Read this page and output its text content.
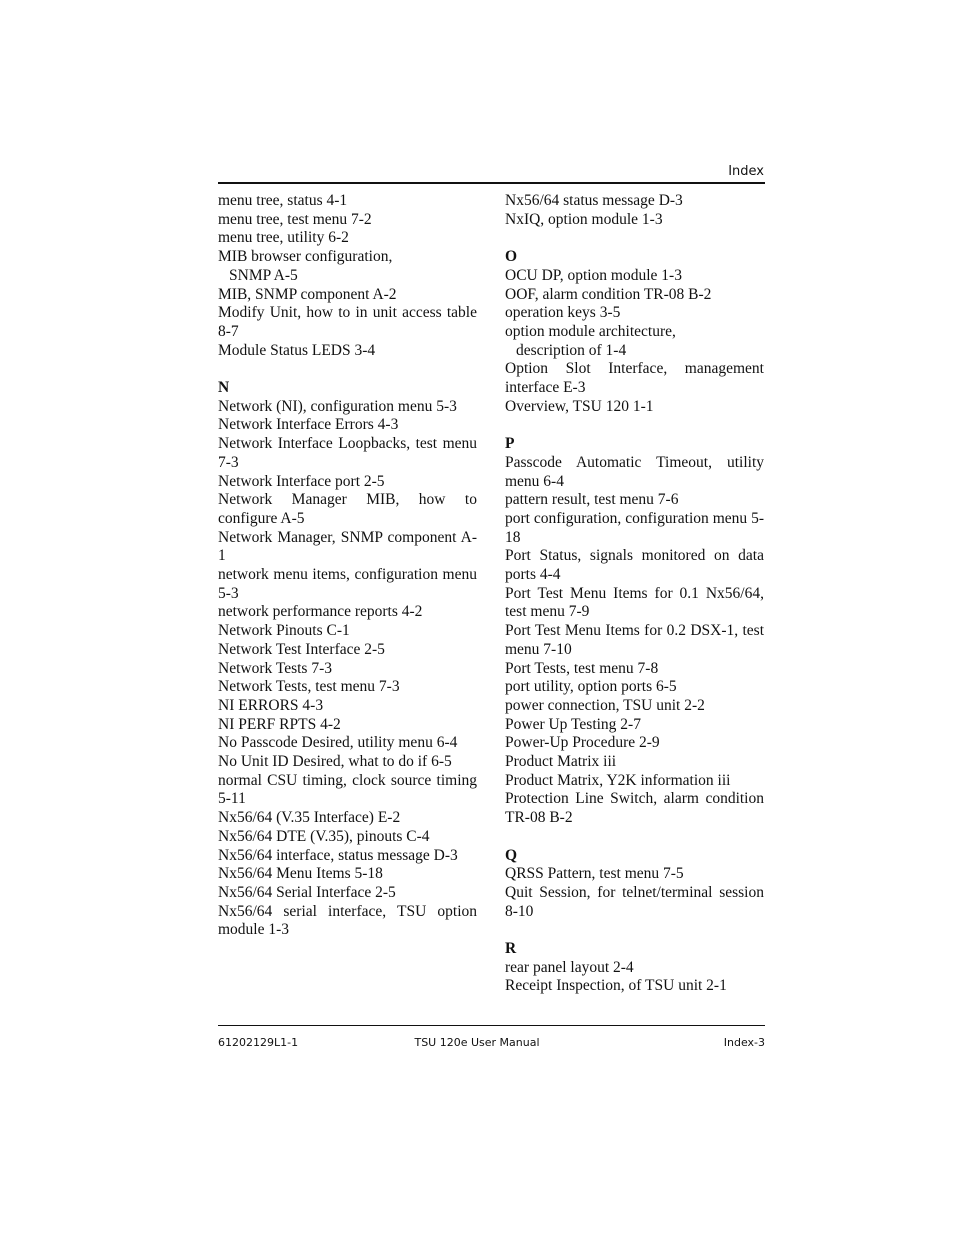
Index
menu tree, status 4-1
menu tree, test menu 7-2
menu tree, utility 6-2
MIB browser configuration,
SNMP A-5
MIB, SNMP component A-2
Modify Unit, how to in unit access table 8-7
Module Status LEDS 3-4
N
Network (NI), configuration menu 5-3
Network Interface Errors 4-3
Network Interface Loopbacks, test menu 7-3
Network Interface port 2-5
Network Manager MIB, how to configure A-5
Network Manager, SNMP component A-1
network menu items, configuration menu 5-3
network performance reports 4-2
Network Pinouts C-1
Network Test Interface 2-5
Network Tests 7-3
Network Tests, test menu 7-3
NI ERRORS 4-3
NI PERF RPTS 4-2
No Passcode Desired, utility menu 6-4
No Unit ID Desired, what to do if 6-5
normal CSU timing, clock source timing 5-11
Nx56/64 (V.35 Interface) E-2
Nx56/64 DTE (V.35), pinouts C-4
Nx56/64 interface, status message D-3
Nx56/64 Menu Items 5-18
Nx56/64 Serial Interface 2-5
Nx56/64 serial interface, TSU option module 1-3
Nx56/64 status message D-3
NxIQ, option module 1-3
O
OCU DP, option module 1-3
OOF, alarm condition TR-08 B-2
operation keys 3-5
option module architecture,
description of 1-4
Option Slot Interface, management interface E-3
Overview, TSU 120 1-1
P
Passcode Automatic Timeout, utility menu 6-4
pattern result, test menu 7-6
port configuration, configuration menu 5-18
Port Status, signals monitored on data ports 4-4
Port Test Menu Items for 0.1 Nx56/64, test menu 7-9
Port Test Menu Items for 0.2 DSX-1, test menu 7-10
Port Tests, test menu 7-8
port utility, option ports 6-5
power connection, TSU unit 2-2
Power Up Testing 2-7
Power-Up Procedure 2-9
Product Matrix iii
Product Matrix, Y2K information iii
Protection Line Switch, alarm condition TR-08 B-2
Q
QRSS Pattern, test menu 7-5
Quit Session, for telnet/terminal session 8-10
R
rear panel layout 2-4
Receipt Inspection, of TSU unit 2-1
61202129L1-1	TSU 120e User Manual	Index-3
